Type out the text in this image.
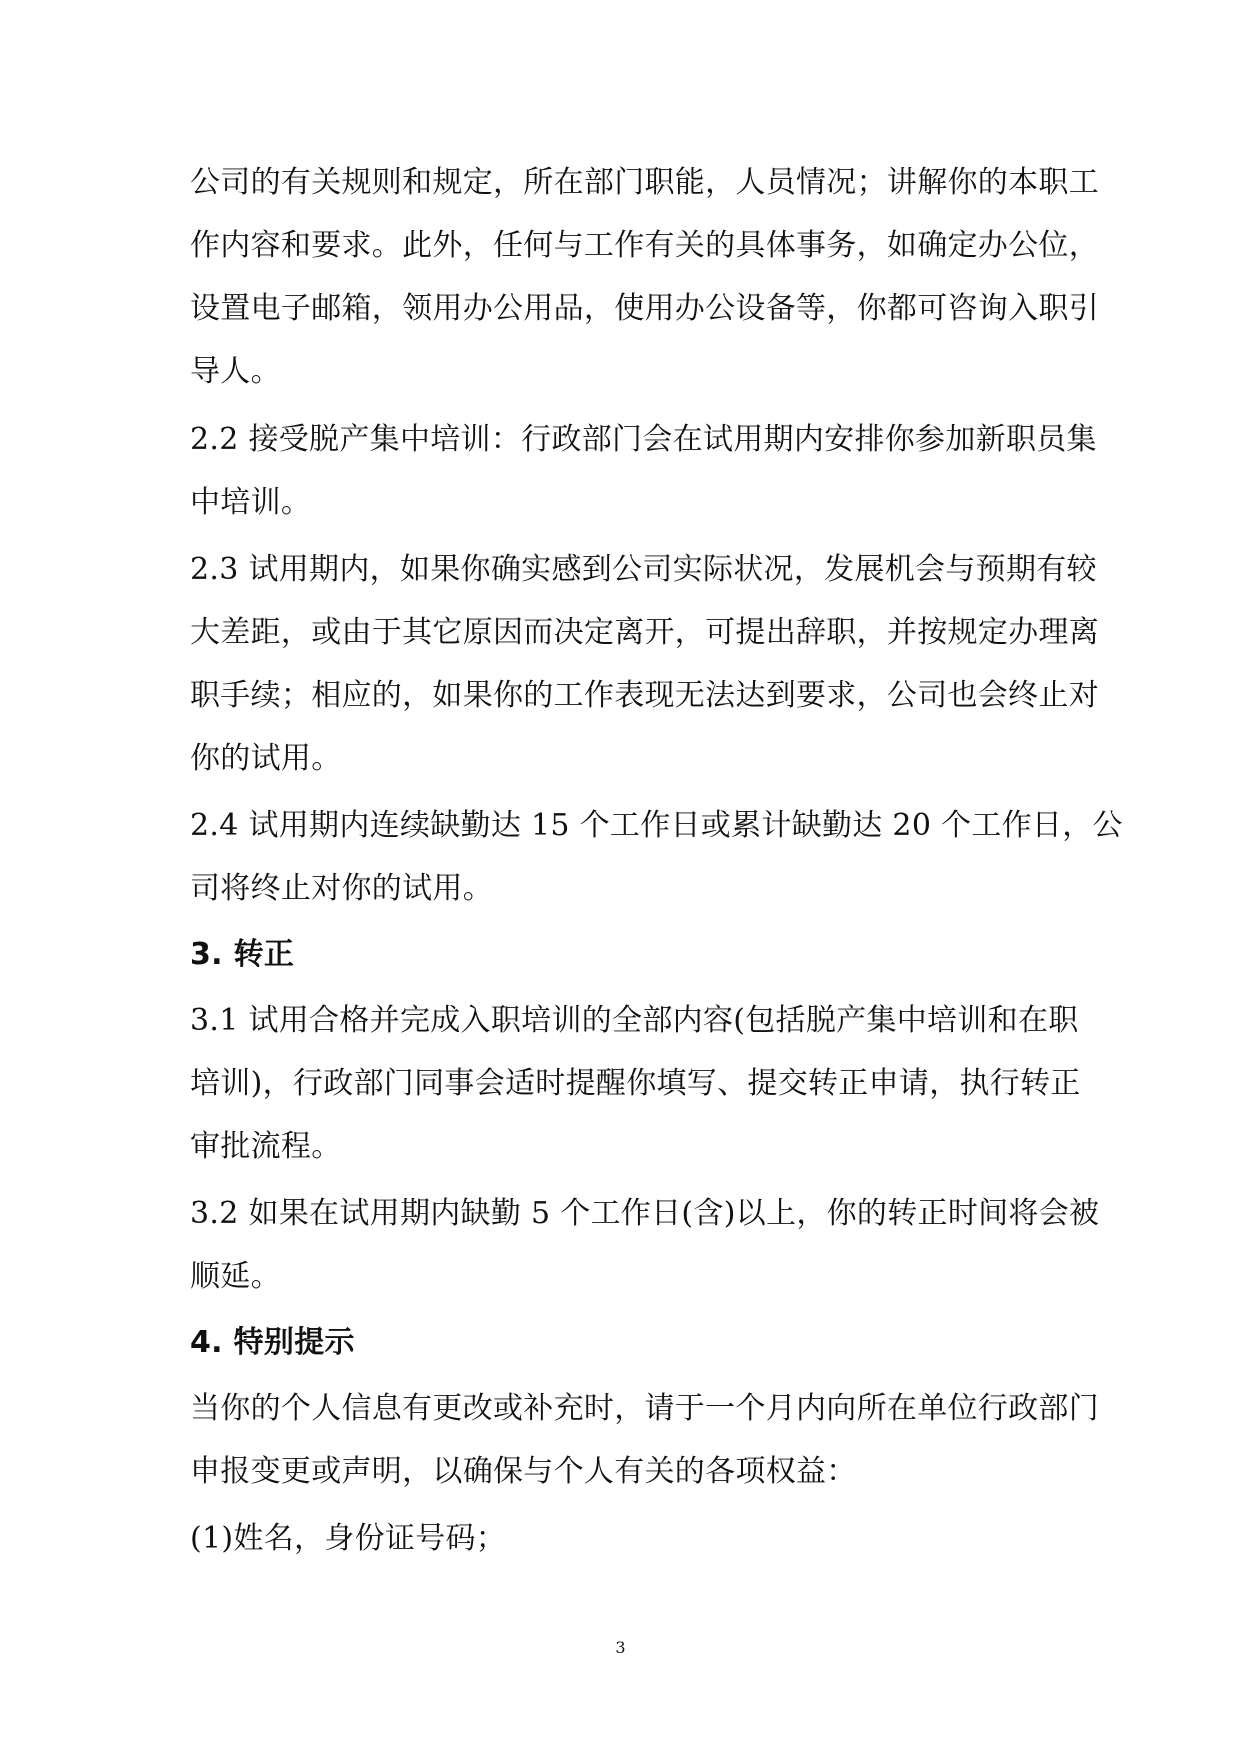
公司的有关规则和规定，所在部门职能，人员情况；讲解你的本职工
作内容和要求。此外，任何与工作有关的具体事务，如确定办公位，
设置电子邮箱，领用办公用品，使用办公设备等，你都可咨询入职引
导人。
2.2 接受脱产集中培训：行政部门会在试用期内安排你参加新职员集
中培训。
2.3 试用期内，如果你确实感到公司实际状况，发展机会与预期有较
大差距，或由于其它原因而决定离开，可提出辞职，并按规定办理离
职手续；相应的，如果你的工作表现无法达到要求，公司也会终止对
你的试用。
2.4 试用期内连续缺勤达 15 个工作日或累计缺勤达 20 个工作日，公
司将终止对你的试用。
3. 转正
3.1 试用合格并完成入职培训的全部内容(包括脱产集中培训和在职
培训)，行政部门同事会适时提醒你填写、提交转正申请，执行转正
审批流程。
3.2 如果在试用期内缺勤 5 个工作日(含)以上，你的转正时间将会被
顺延。
4. 特别提示
当你的个人信息有更改或补充时，请于一个月内向所在单位行政部门
申报变更或声明，以确保与个人有关的各项权益：
(1)姓名，身份证号码；
3
